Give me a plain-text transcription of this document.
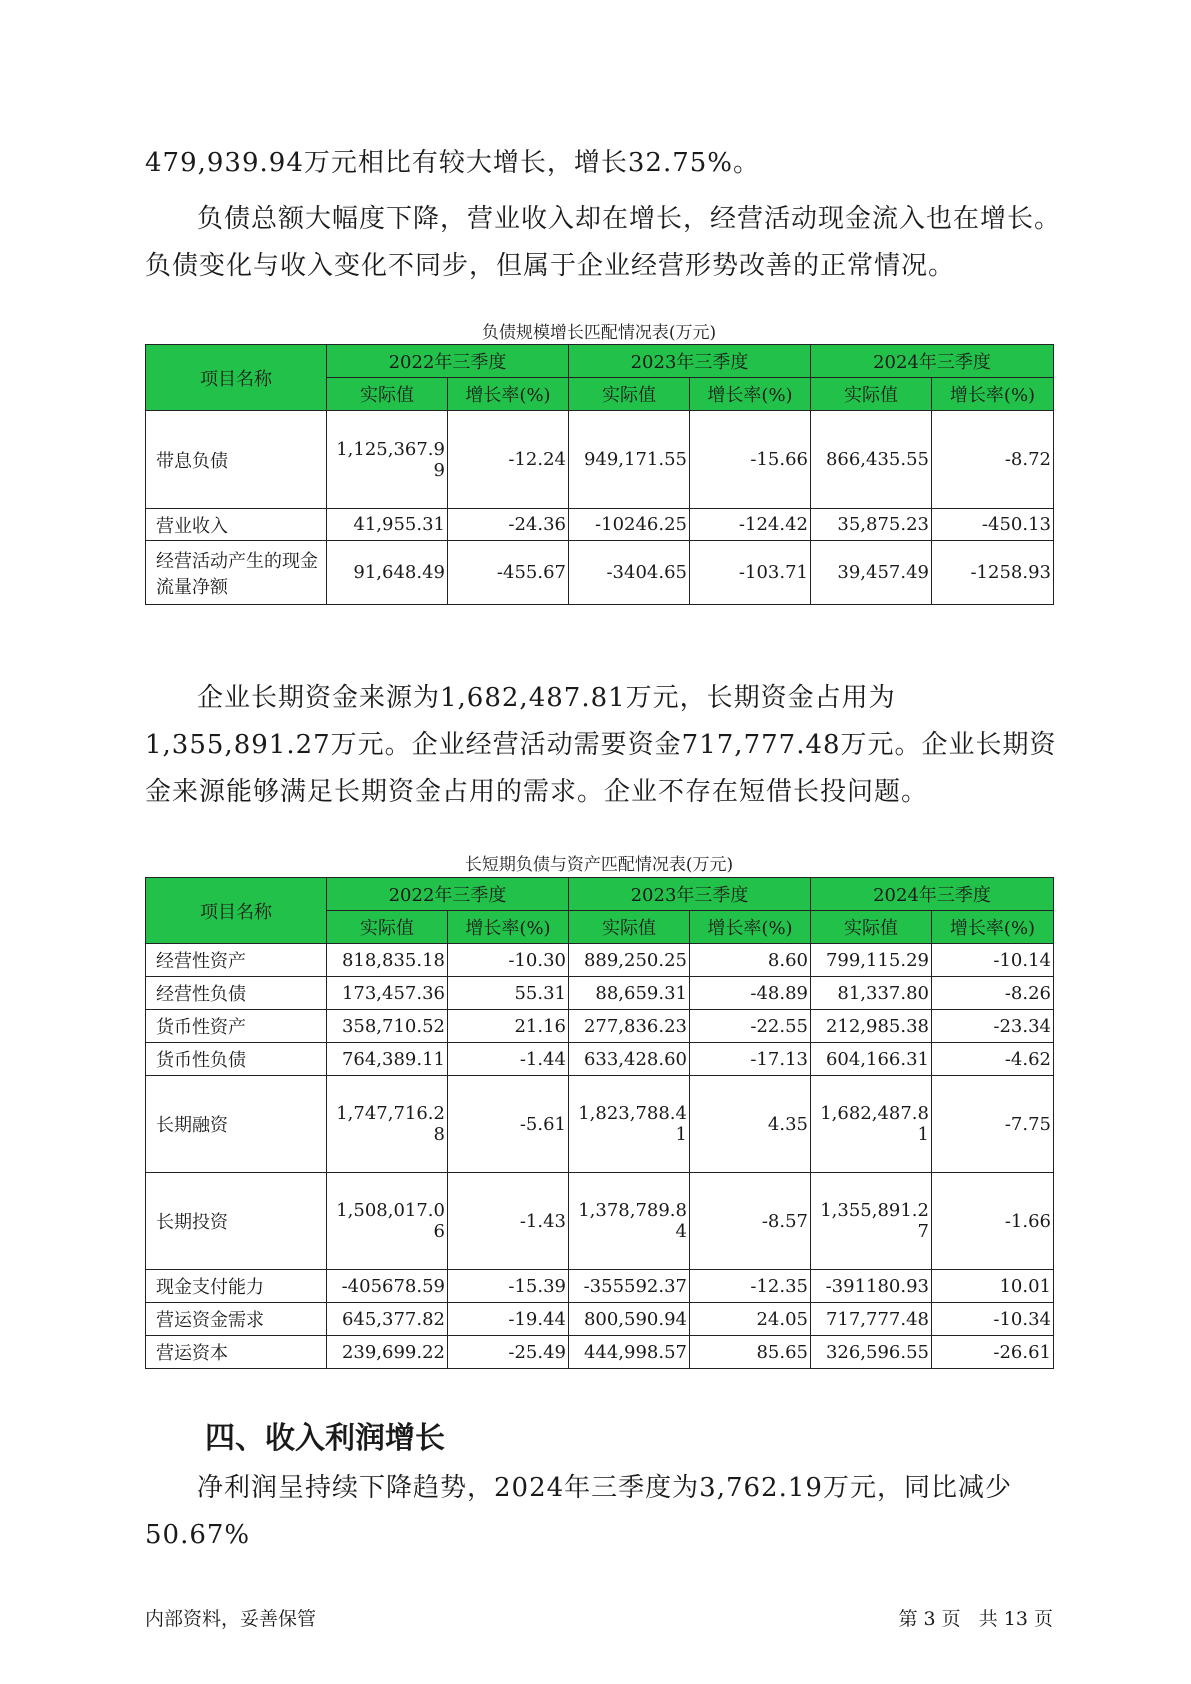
479,939.94万元相比有较大增长，增长32.75%。

负债总额大幅度下降，营业收入却在增长，经营活动现金流入也在增长。负债变化与收入变化不同步，但属于企业经营形势改善的正常情况。

负债规模增长匹配情况表(万元)
项目名称	2022年三季度		2023年三季度		2024年三季度	
	实际值	增长率(%)	实际值	增长率(%)	实际值	增长率(%)
带息负债	1,125,367.99	-12.24	949,171.55	-15.66	866,435.55	-8.72
营业收入	41,955.31	-24.36	-10246.25	-124.42	35,875.23	-450.13
经营活动产生的现金流量净额	91,648.49	-455.67	-3404.65	-103.71	39,457.49	-1258.93

企业长期资金来源为1,682,487.81万元，长期资金占用为1,355,891.27万元。企业经营活动需要资金717,777.48万元。企业长期资金来源能够满足长期资金占用的需求。企业不存在短借长投问题。

长短期负债与资产匹配情况表(万元)
项目名称	2022年三季度		2023年三季度		2024年三季度	
	实际值	增长率(%)	实际值	增长率(%)	实际值	增长率(%)
经营性资产	818,835.18	-10.30	889,250.25	8.60	799,115.29	-10.14
经营性负债	173,457.36	55.31	88,659.31	-48.89	81,337.80	-8.26
货币性资产	358,710.52	21.16	277,836.23	-22.55	212,985.38	-23.34
货币性负债	764,389.11	-1.44	633,428.60	-17.13	604,166.31	-4.62
长期融资	1,747,716.28	-5.61	1,823,788.41	4.35	1,682,487.81	-7.75
长期投资	1,508,017.06	-1.43	1,378,789.84	-8.57	1,355,891.27	-1.66
现金支付能力	-405678.59	-15.39	-355592.37	-12.35	-391180.93	10.01
营运资金需求	645,377.82	-19.44	800,590.94	24.05	717,777.48	-10.34
营运资本	239,699.22	-25.49	444,998.57	85.65	326,596.55	-26.61
四、收入利润增长

净利润呈持续下降趋势，2024年三季度为3,762.19万元，同比减少50.67%

内部资料，妥善保管	第 3 页   共 13 页
